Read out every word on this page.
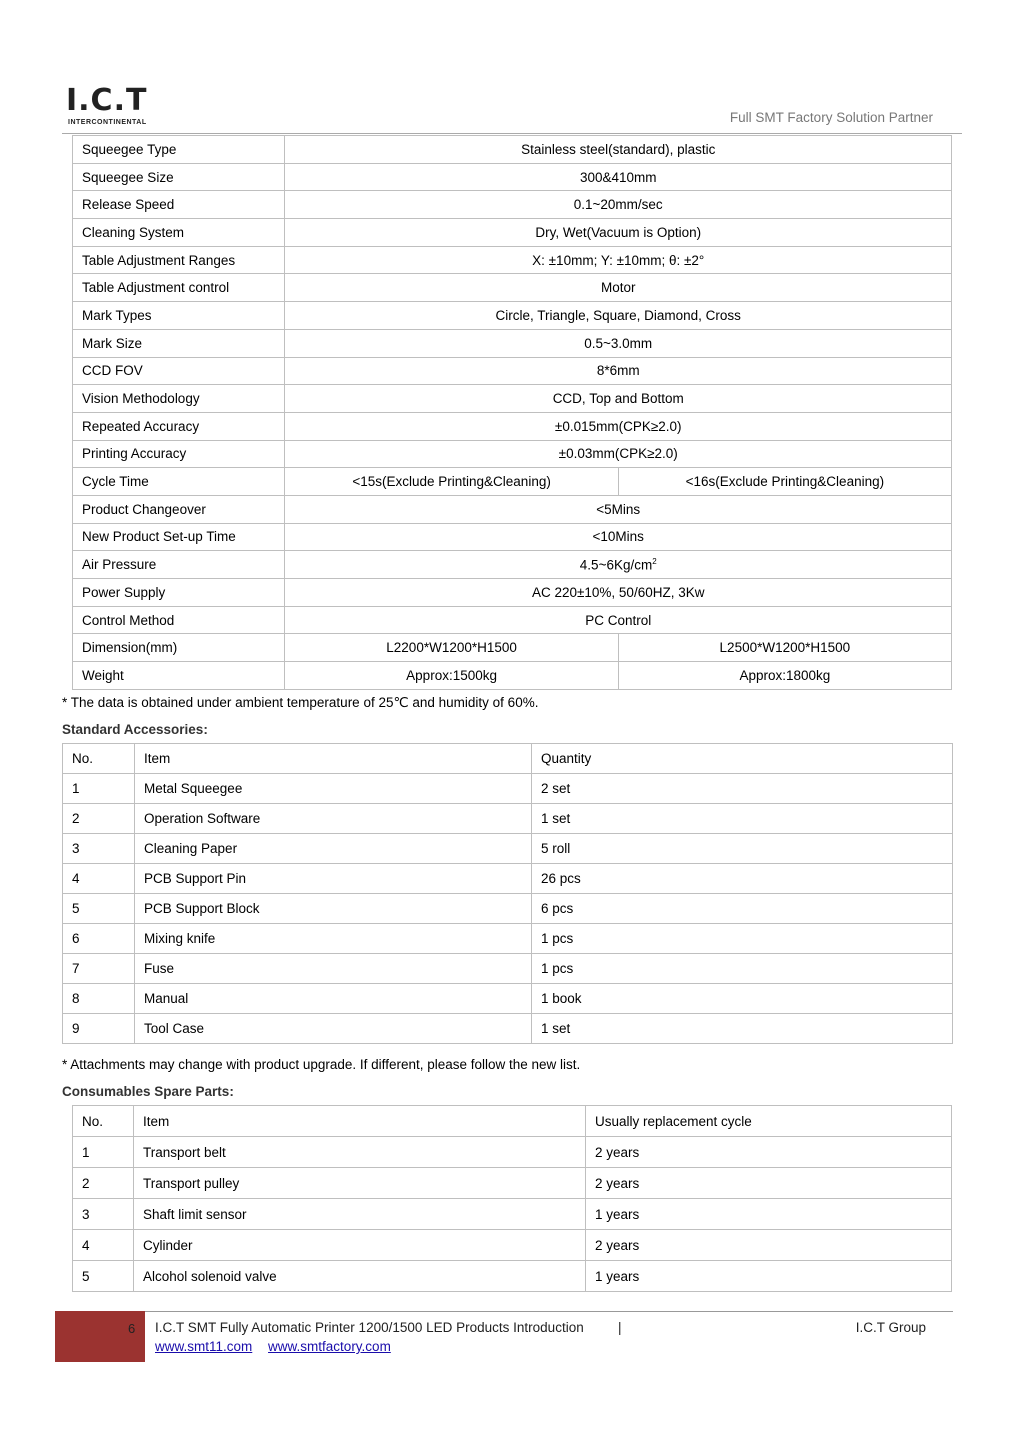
I.C.T
INTERCONTINENTAL	Full SMT Factory Solution Partner
Squeegee Type	Stainless steel(standard), plastic	
Squeegee Size	300&410mm	
Release Speed	0.1~20mm/sec	
Cleaning System	Dry, Wet(Vacuum is Option)	
Table Adjustment Ranges	X: ±10mm; Y: ±10mm; θ: ±2°	
Table Adjustment control	Motor	
Mark Types	Circle, Triangle, Square, Diamond, Cross	
Mark Size	0.5~3.0mm	
CCD FOV	8*6mm	
Vision Methodology	CCD, Top and Bottom	
Repeated Accuracy	±0.015mm(CPK≥2.0)	
Printing Accuracy	±0.03mm(CPK≥2.0)	
Cycle Time	<15s(Exclude Printing&Cleaning)	<16s(Exclude Printing&Cleaning)
Product Changeover	<5Mins	
New Product Set-up Time	<10Mins	
Air Pressure	$4.5\sim 6Kg/cm^2$
Power Supply	AC 220±10%, 50/60HZ, 3Kw	
Control Method	PC Control	
Dimension(mm)	L2200*W1200*H1500	L2500*W1200*H1500
Weight	Approx:1500kg	Approx:1800kg
* The data is obtained under ambient temperature of 25℃ and humidity of 60%.
Standard Accessories:
No.	Item	Quantity
1	Metal Squeegee	2 set
2	Operation Software	1 set
3	Cleaning Paper	5 roll
4	PCB Support Pin	26 pcs
5	PCB Support Block	6 pcs
6	Mixing knife	1 pcs
7	Fuse	1 pcs
8	Manual	1 book
9	Tool Case	1 set
* Attachments may change with product upgrade. If different, please follow the new list.
Consumables Spare Parts:
No.	Item	Usually replacement cycle
1	Transport belt	2 years
2	Transport pulley	2 years
3	Shaft limit sensor	1 years
4	Cylinder	2 years
5	Alcohol solenoid valve	1 years
6 I.C.T SMT Fully Automatic Printer 1200/1500 LED Products Introduction	|	I.C.T Group
www.smt11.com www.smtfactory.com
